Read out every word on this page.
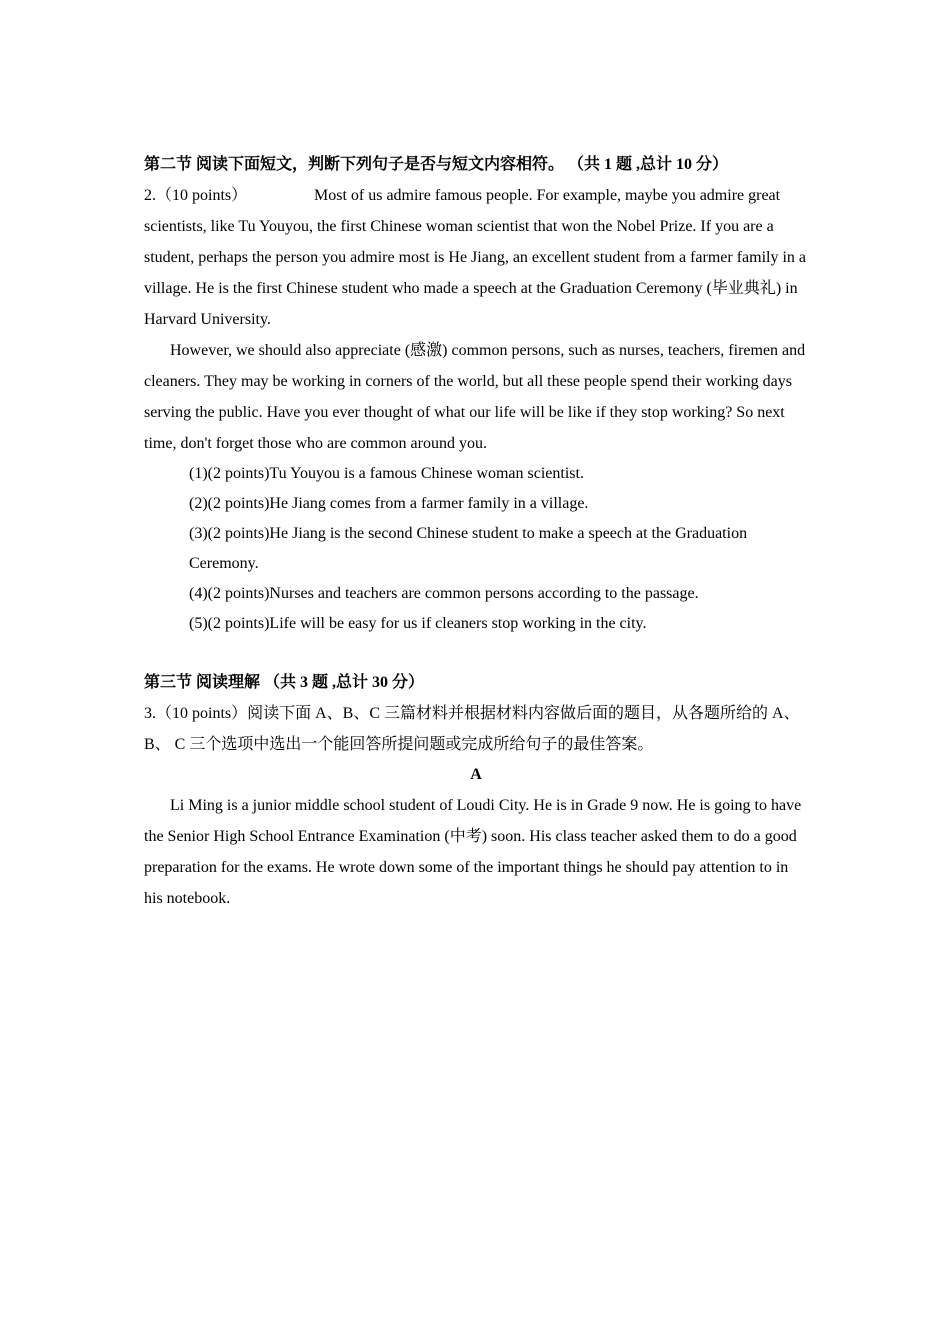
第二节 阅读下面短文，判断下列句子是否与短文内容相符。 （共 1 题 ,总计 10 分）

2.（10 points）	Most of us admire famous people. For example, maybe you admire great scientists, like Tu Youyou, the first Chinese woman scientist that won the Nobel Prize. If you are a student, perhaps the person you admire most is He Jiang, an excellent student from a farmer family in a village. He is the first Chinese student who made a speech at the Graduation Ceremony (毕业典礼) in Harvard University.

However, we should also appreciate (感激) common persons, such as nurses, teachers, firemen and cleaners. They may be working in corners of the world, but all these people spend their working days serving the public. Have you ever thought of what our life will be like if they stop working? So next time, don't forget those who are common around you.

(1)(2 points)Tu Youyou is a famous Chinese woman scientist.

(2)(2 points)He Jiang comes from a farmer family in a village.

(3)(2 points)He Jiang is the second Chinese student to make a speech at the Graduation Ceremony.

(4)(2 points)Nurses and teachers are common persons according to the passage.

(5)(2 points)Life will be easy for us if cleaners stop working in the city.

第三节 阅读理解 （共 3 题 ,总计 30 分）

3.（10 points）阅读下面 A、B、C 三篇材料并根据材料内容做后面的题目，从各题所给的 A、B、 C 三个选项中选出一个能回答所提问题或完成所给句子的最佳答案。

A

Li Ming is a junior middle school student of Loudi City. He is in Grade 9 now. He is going to have the Senior High School Entrance Examination (中考) soon. His class teacher asked them to do a good preparation for the exams. He wrote down some of the important things he should pay attention to in his notebook.
